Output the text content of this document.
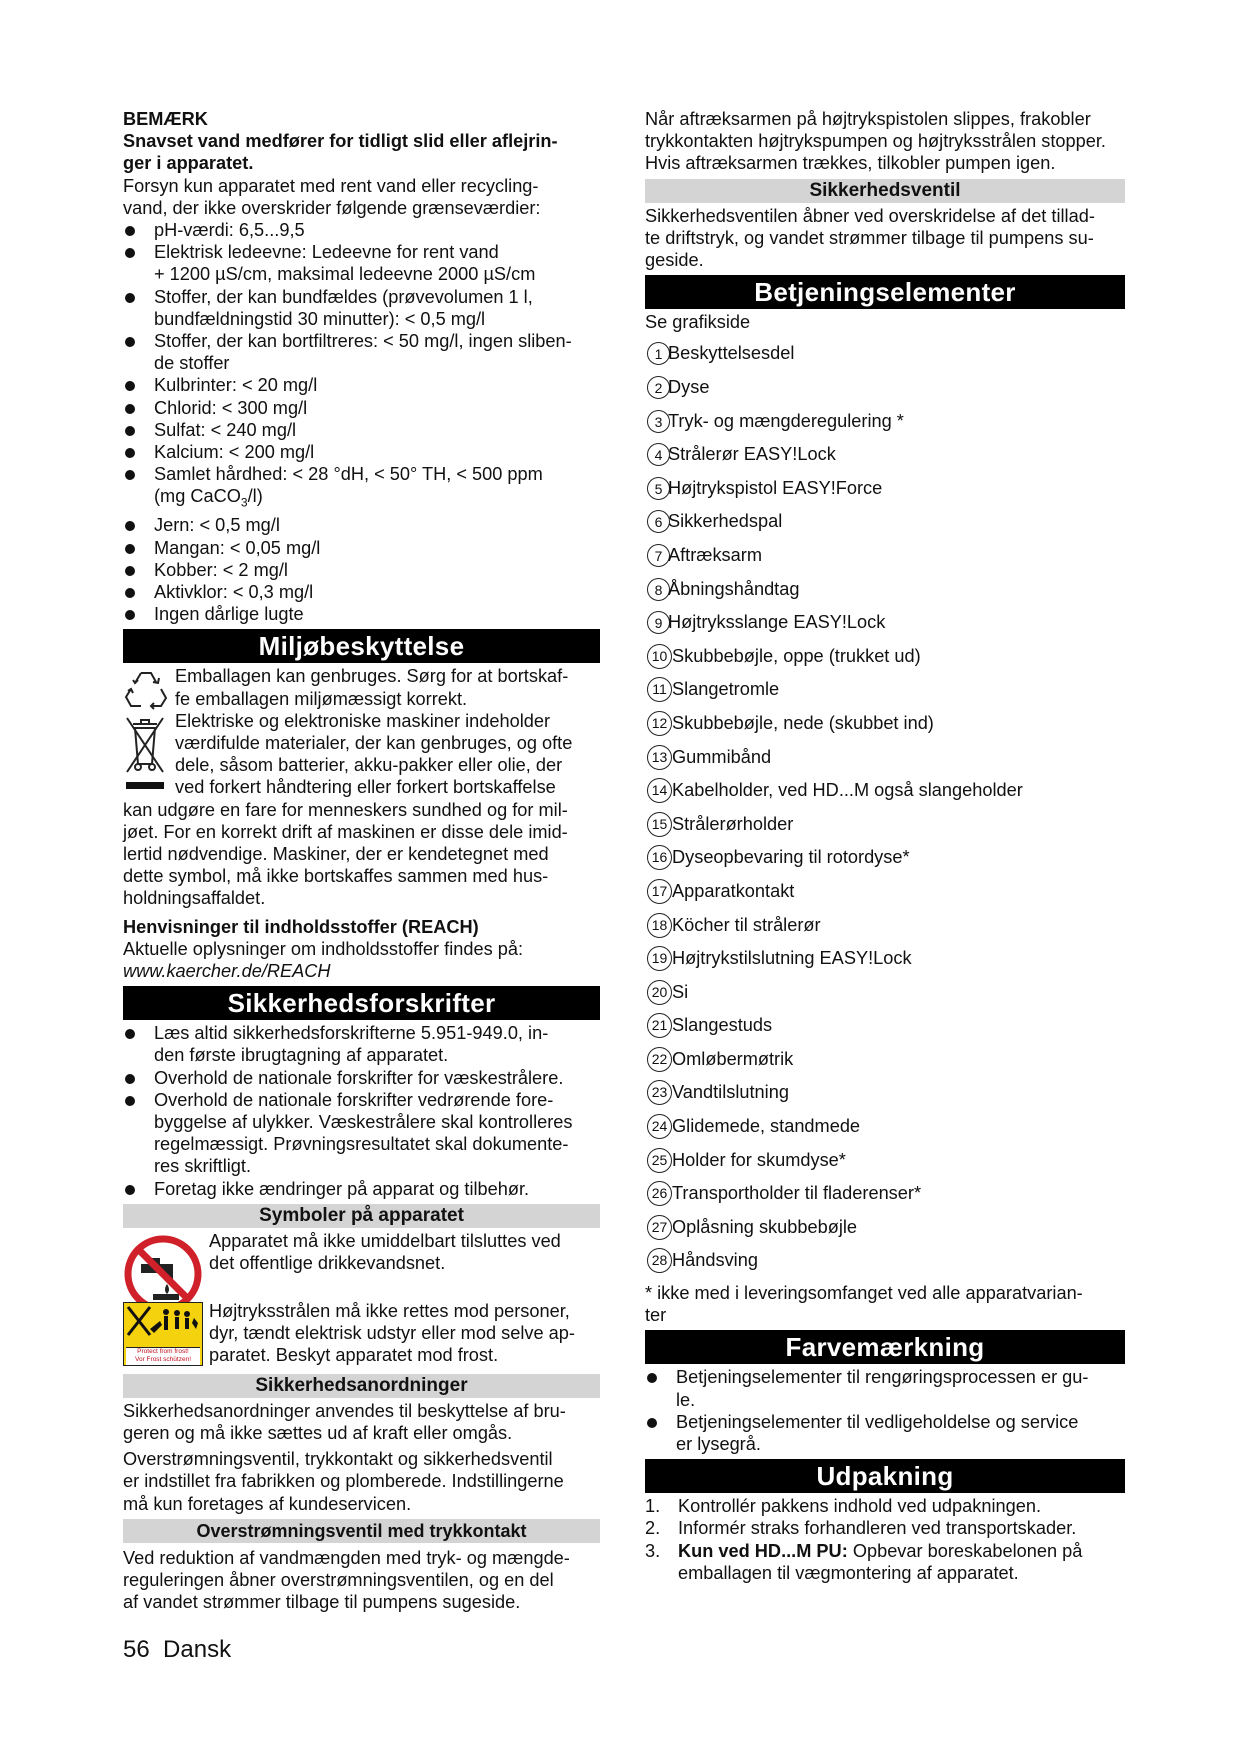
BEMÆRK

Snavset vand medfører for tidligt slid eller aflejrin-

ger i apparatet.

Forsyn kun apparatet med rent vand eller recycling-

vand, der ikke overskrider følgende grænseværdier:

pH-værdi: 6,5...9,5
Elektrisk ledeevne: Ledeevne for rent vand
+ 1200 µS/cm, maksimal ledeevne 2000 µS/cm
Stoffer, der kan bundfældes (prøvevolumen 1 l,
bundfældningstid 30 minutter): < 0,5 mg/l
Stoffer, der kan bortfiltreres: < 50 mg/l, ingen sliben-
de stoffer
Kulbrinter: < 20 mg/l
Chlorid: < 300 mg/l
Sulfat: < 240 mg/l
Kalcium: < 200 mg/l
Samlet hårdhed: < 28 °dH, < 50° TH, < 500 ppm
(mg CaCO$_3$/l)
Jern: < 0,5 mg/l
Mangan: < 0,05 mg/l
Kobber: < 2 mg/l
Aktivklor: < 0,3 mg/l
Ingen dårlige lugte
Miljøbeskyttelse

Emballagen kan genbruges. Sørg for at bortskaf-

fe emballagen miljømæssigt korrekt.

Elektriske og elektroniske maskiner indeholder

værdifulde materialer, der kan genbruges, og ofte

dele, såsom batterier, akku-pakker eller olie, der

ved forkert håndtering eller forkert bortskaffelse

kan udgøre en fare for menneskers sundhed og for mil-

jøet. For en korrekt drift af maskinen er disse dele imid-

lertid nødvendige. Maskiner, der er kendetegnet med

dette symbol, må ikke bortskaffes sammen med hus-

holdningsaffaldet.

Henvisninger til indholdsstoffer (REACH)

Aktuelle oplysninger om indholdsstoffer findes på:

www.kaercher.de/REACH

Sikkerhedsforskrifter
Læs altid sikkerhedsforskrifterne 5.951-949.0, in-
den første ibrugtagning af apparatet.
Overhold de nationale forskrifter for væskestrålere.
Overhold de nationale forskrifter vedrørende fore-
byggelse af ulykker. Væskestrålere skal kontrolleres
regelmæssigt. Prøvningsresultatet skal dokumente-
res skriftligt.
Foretag ikke ændringer på apparat og tilbehør.
Symboler på apparatet

Apparatet må ikke umiddelbart tilsluttes ved

det offentlige drikkevandsnet.

Protect from frost!
Vor Frost schützen!

Højtryksstrålen må ikke rettes mod personer,

dyr, tændt elektrisk udstyr eller mod selve ap-

paratet. Beskyt apparatet mod frost.

Sikkerhedsanordninger

Sikkerhedsanordninger anvendes til beskyttelse af bru-

geren og må ikke sættes ud af kraft eller omgås.

Overstrømningsventil, trykkontakt og sikkerhedsventil

er indstillet fra fabrikken og plomberede. Indstillingerne

må kun foretages af kundeservicen.

Overstrømningsventil med trykkontakt

Ved reduktion af vandmængden med tryk- og mængde-

reguleringen åbner overstrømningsventilen, og en del

af vandet strømmer tilbage til pumpens sugeside.

Når aftræksarmen på højtrykspistolen slippes, frakobler

trykkontakten højtrykspumpen og højtryksstrålen stopper.

Hvis aftræksarmen trækkes, tilkobler pumpen igen.

Sikkerhedsventil

Sikkerhedsventilen åbner ved overskridelse af det tillad-

te driftstryk, og vandet strømmer tilbage til pumpens su-

geside.

Betjeningselementer

Se grafikside

1 Beskyttelsesdel
2 Dyse
3 Tryk- og mængderegulering *
4 Strålerør EASY!Lock
5 Højtrykspistol EASY!Force
6 Sikkerhedspal
7 Aftræksarm
8 Åbningshåndtag
9 Højtryksslange EASY!Lock
10 Skubbebøjle, oppe (trukket ud)
11 Slangetromle
12 Skubbebøjle, nede (skubbet ind)
13 Gummibånd
14 Kabelholder, ved HD...M også slangeholder
15 Strålerørholder
16 Dyseopbevaring til rotordyse*
17 Apparatkontakt
18 Köcher til strålerør
19 Højtrykstilslutning EASY!Lock
20 Si
21 Slangestuds
22 Omløbermøtrik
23 Vandtilslutning
24 Glidemede, standmede
25 Holder for skumdyse*
26 Transportholder til fladerenser*
27 Oplåsning skubbebøjle
28 Håndsving

* ikke med i leveringsomfanget ved alle apparatvarian-

ter

Farvemærkning
Betjeningselementer til rengøringsprocessen er gu-
le.
Betjeningselementer til vedligeholdelse og service
er lysegrå.
Udpakning
1. Kontrollér pakkens indhold ved udpakningen.
2. Informér straks forhandleren ved transportskader.
3. Kun ved HD...M PU: Opbevar boreskabelonen på
emballagen til vægmontering af apparatet.
56 Dansk
